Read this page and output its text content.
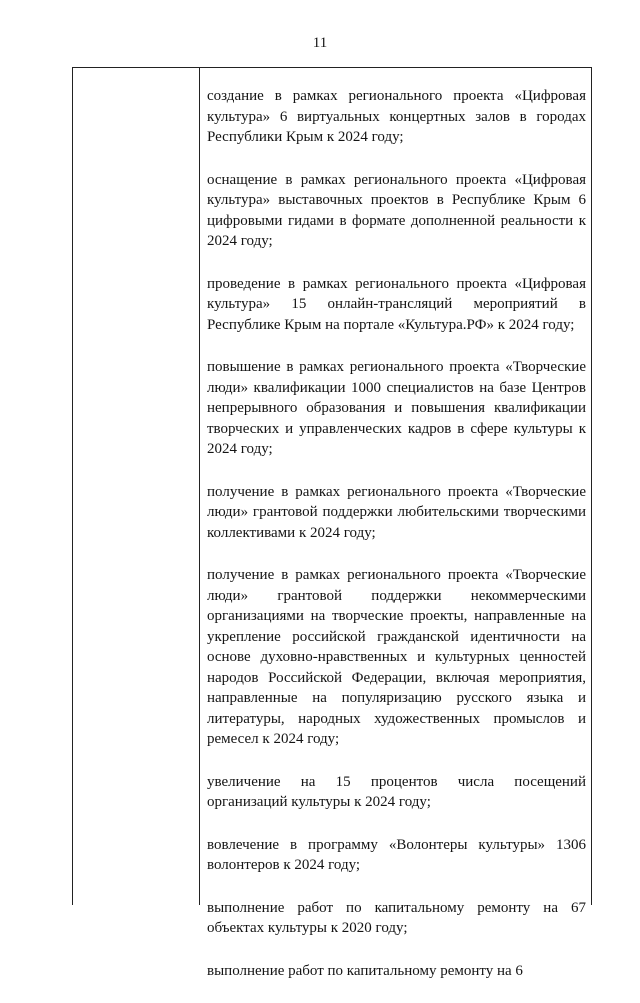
11

создание в рамках регионального проекта «Цифровая культура» 6 виртуальных концертных залов в городах Республики Крым к 2024 году;

оснащение в рамках регионального проекта «Цифровая культура» выставочных проектов в Республике Крым 6 цифровыми гидами в формате дополненной реальности к 2024 году;

проведение в рамках регионального проекта «Цифровая культура» 15 онлайн-трансляций мероприятий в Республике Крым на портале «Культура.РФ» к 2024 году;

повышение в рамках регионального проекта «Творческие люди» квалификации 1000 специалистов на базе Центров непрерывного образования и повышения квалификации творческих и управленческих кадров в сфере культуры к 2024 году;

получение в рамках регионального проекта «Творческие люди» грантовой поддержки любительскими творческими коллективами к 2024 году;

получение в рамках регионального проекта «Творческие люди» грантовой поддержки некоммерческими организациями на творческие проекты, направленные на укрепление российской гражданской идентичности на основе духовно-нравственных и культурных ценностей народов Российской Федерации, включая мероприятия, направленные на популяризацию русского языка и литературы, народных художественных промыслов и ремесел к 2024 году;

увеличение на 15 процентов числа посещений организаций культуры к 2024 году;

вовлечение в программу «Волонтеры культуры» 1306 волонтеров к 2024 году;

выполнение работ по капитальному ремонту на 67 объектах культуры к 2020 году;

выполнение работ по капитальному ремонту на 6
